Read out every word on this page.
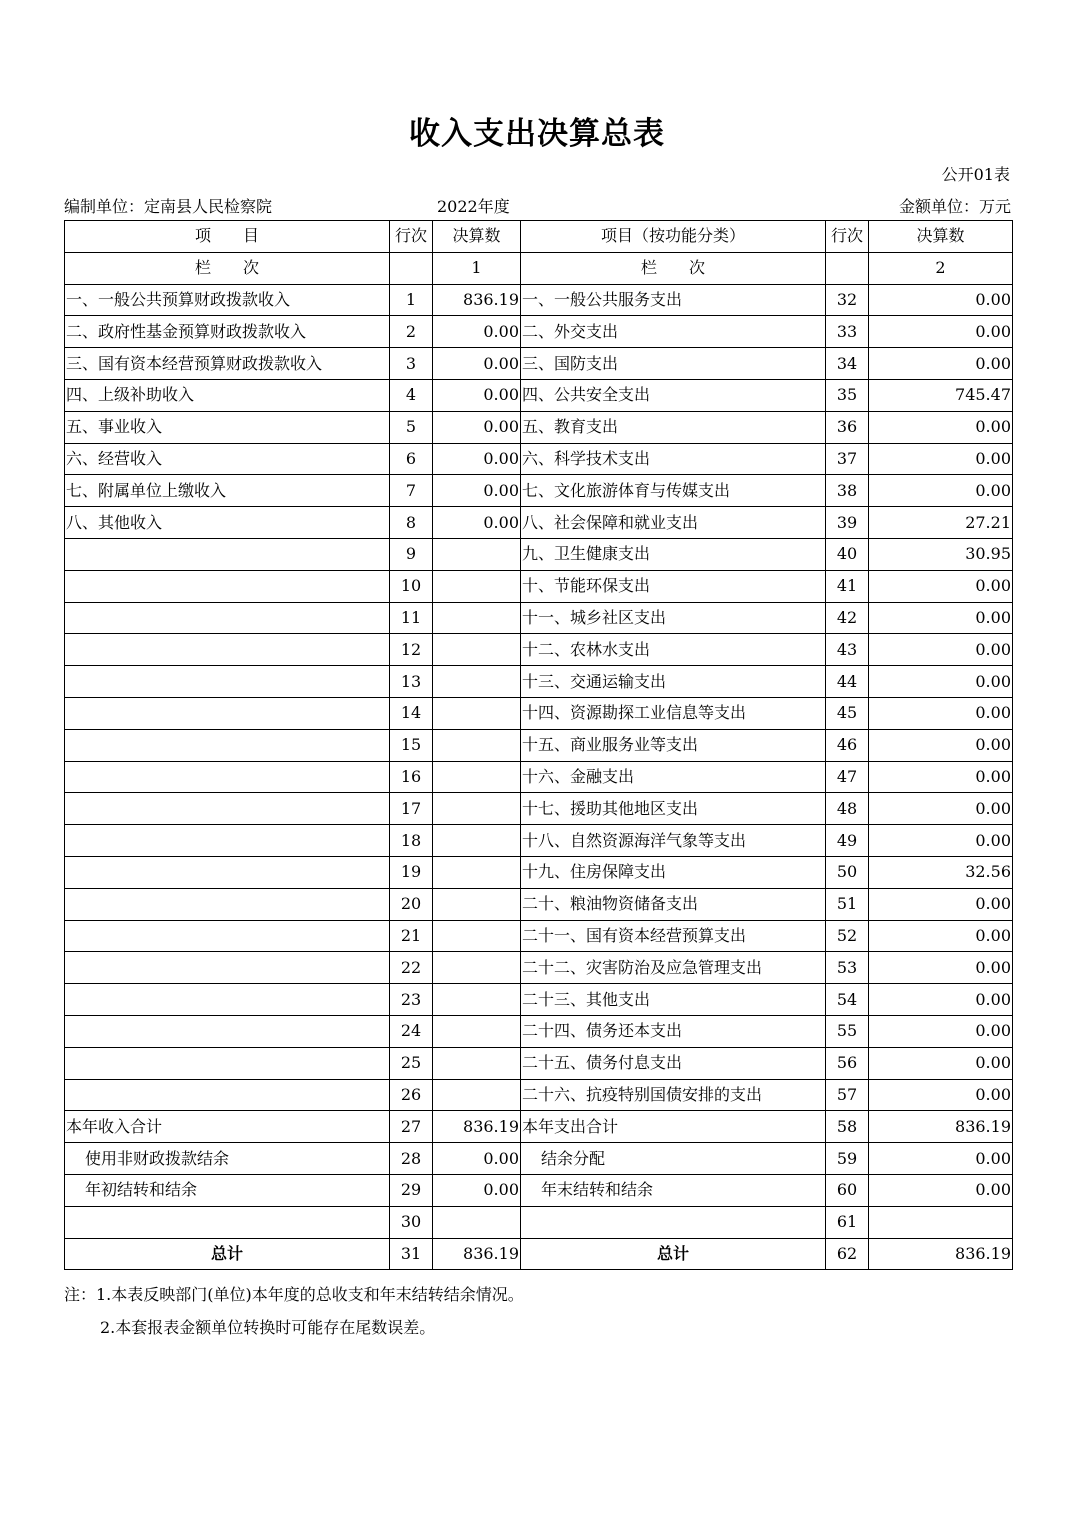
收入支出决算总表
公开01表
编制单位：定南县人民检察院	2022年度	金额单位：万元
项　　目	行次	决算数	项目（按功能分类）	行次	决算数
栏　　次		1	栏　　次		2
一、一般公共预算财政拨款收入	1	836.19	一、一般公共服务支出	32	0.00
二、政府性基金预算财政拨款收入	2	0.00	二、外交支出	33	0.00
三、国有资本经营预算财政拨款收入	3	0.00	三、国防支出	34	0.00
四、上级补助收入	4	0.00	四、公共安全支出	35	745.47
五、事业收入	5	0.00	五、教育支出	36	0.00
六、经营收入	6	0.00	六、科学技术支出	37	0.00
七、附属单位上缴收入	7	0.00	七、文化旅游体育与传媒支出	38	0.00
八、其他收入	8	0.00	八、社会保障和就业支出	39	27.21
	9		九、卫生健康支出	40	30.95
	10		十、节能环保支出	41	0.00
	11		十一、城乡社区支出	42	0.00
	12		十二、农林水支出	43	0.00
	13		十三、交通运输支出	44	0.00
	14		十四、资源勘探工业信息等支出	45	0.00
	15		十五、商业服务业等支出	46	0.00
	16		十六、金融支出	47	0.00
	17		十七、援助其他地区支出	48	0.00
	18		十八、自然资源海洋气象等支出	49	0.00
	19		十九、住房保障支出	50	32.56
	20		二十、粮油物资储备支出	51	0.00
	21		二十一、国有资本经营预算支出	52	0.00
	22		二十二、灾害防治及应急管理支出	53	0.00
	23		二十三、其他支出	54	0.00
	24		二十四、债务还本支出	55	0.00
	25		二十五、债务付息支出	56	0.00
	26		二十六、抗疫特别国债安排的支出	57	0.00
本年收入合计	27	836.19	本年支出合计	58	836.19
使用非财政拨款结余	28	0.00	结余分配	59	0.00
年初结转和结余	29	0.00	年末结转和结余	60	0.00
	30			61	
总计	31	836.19	总计	62	836.19
注：1.本表反映部门(单位)本年度的总收支和年末结转结余情况。
2.本套报表金额单位转换时可能存在尾数误差。
